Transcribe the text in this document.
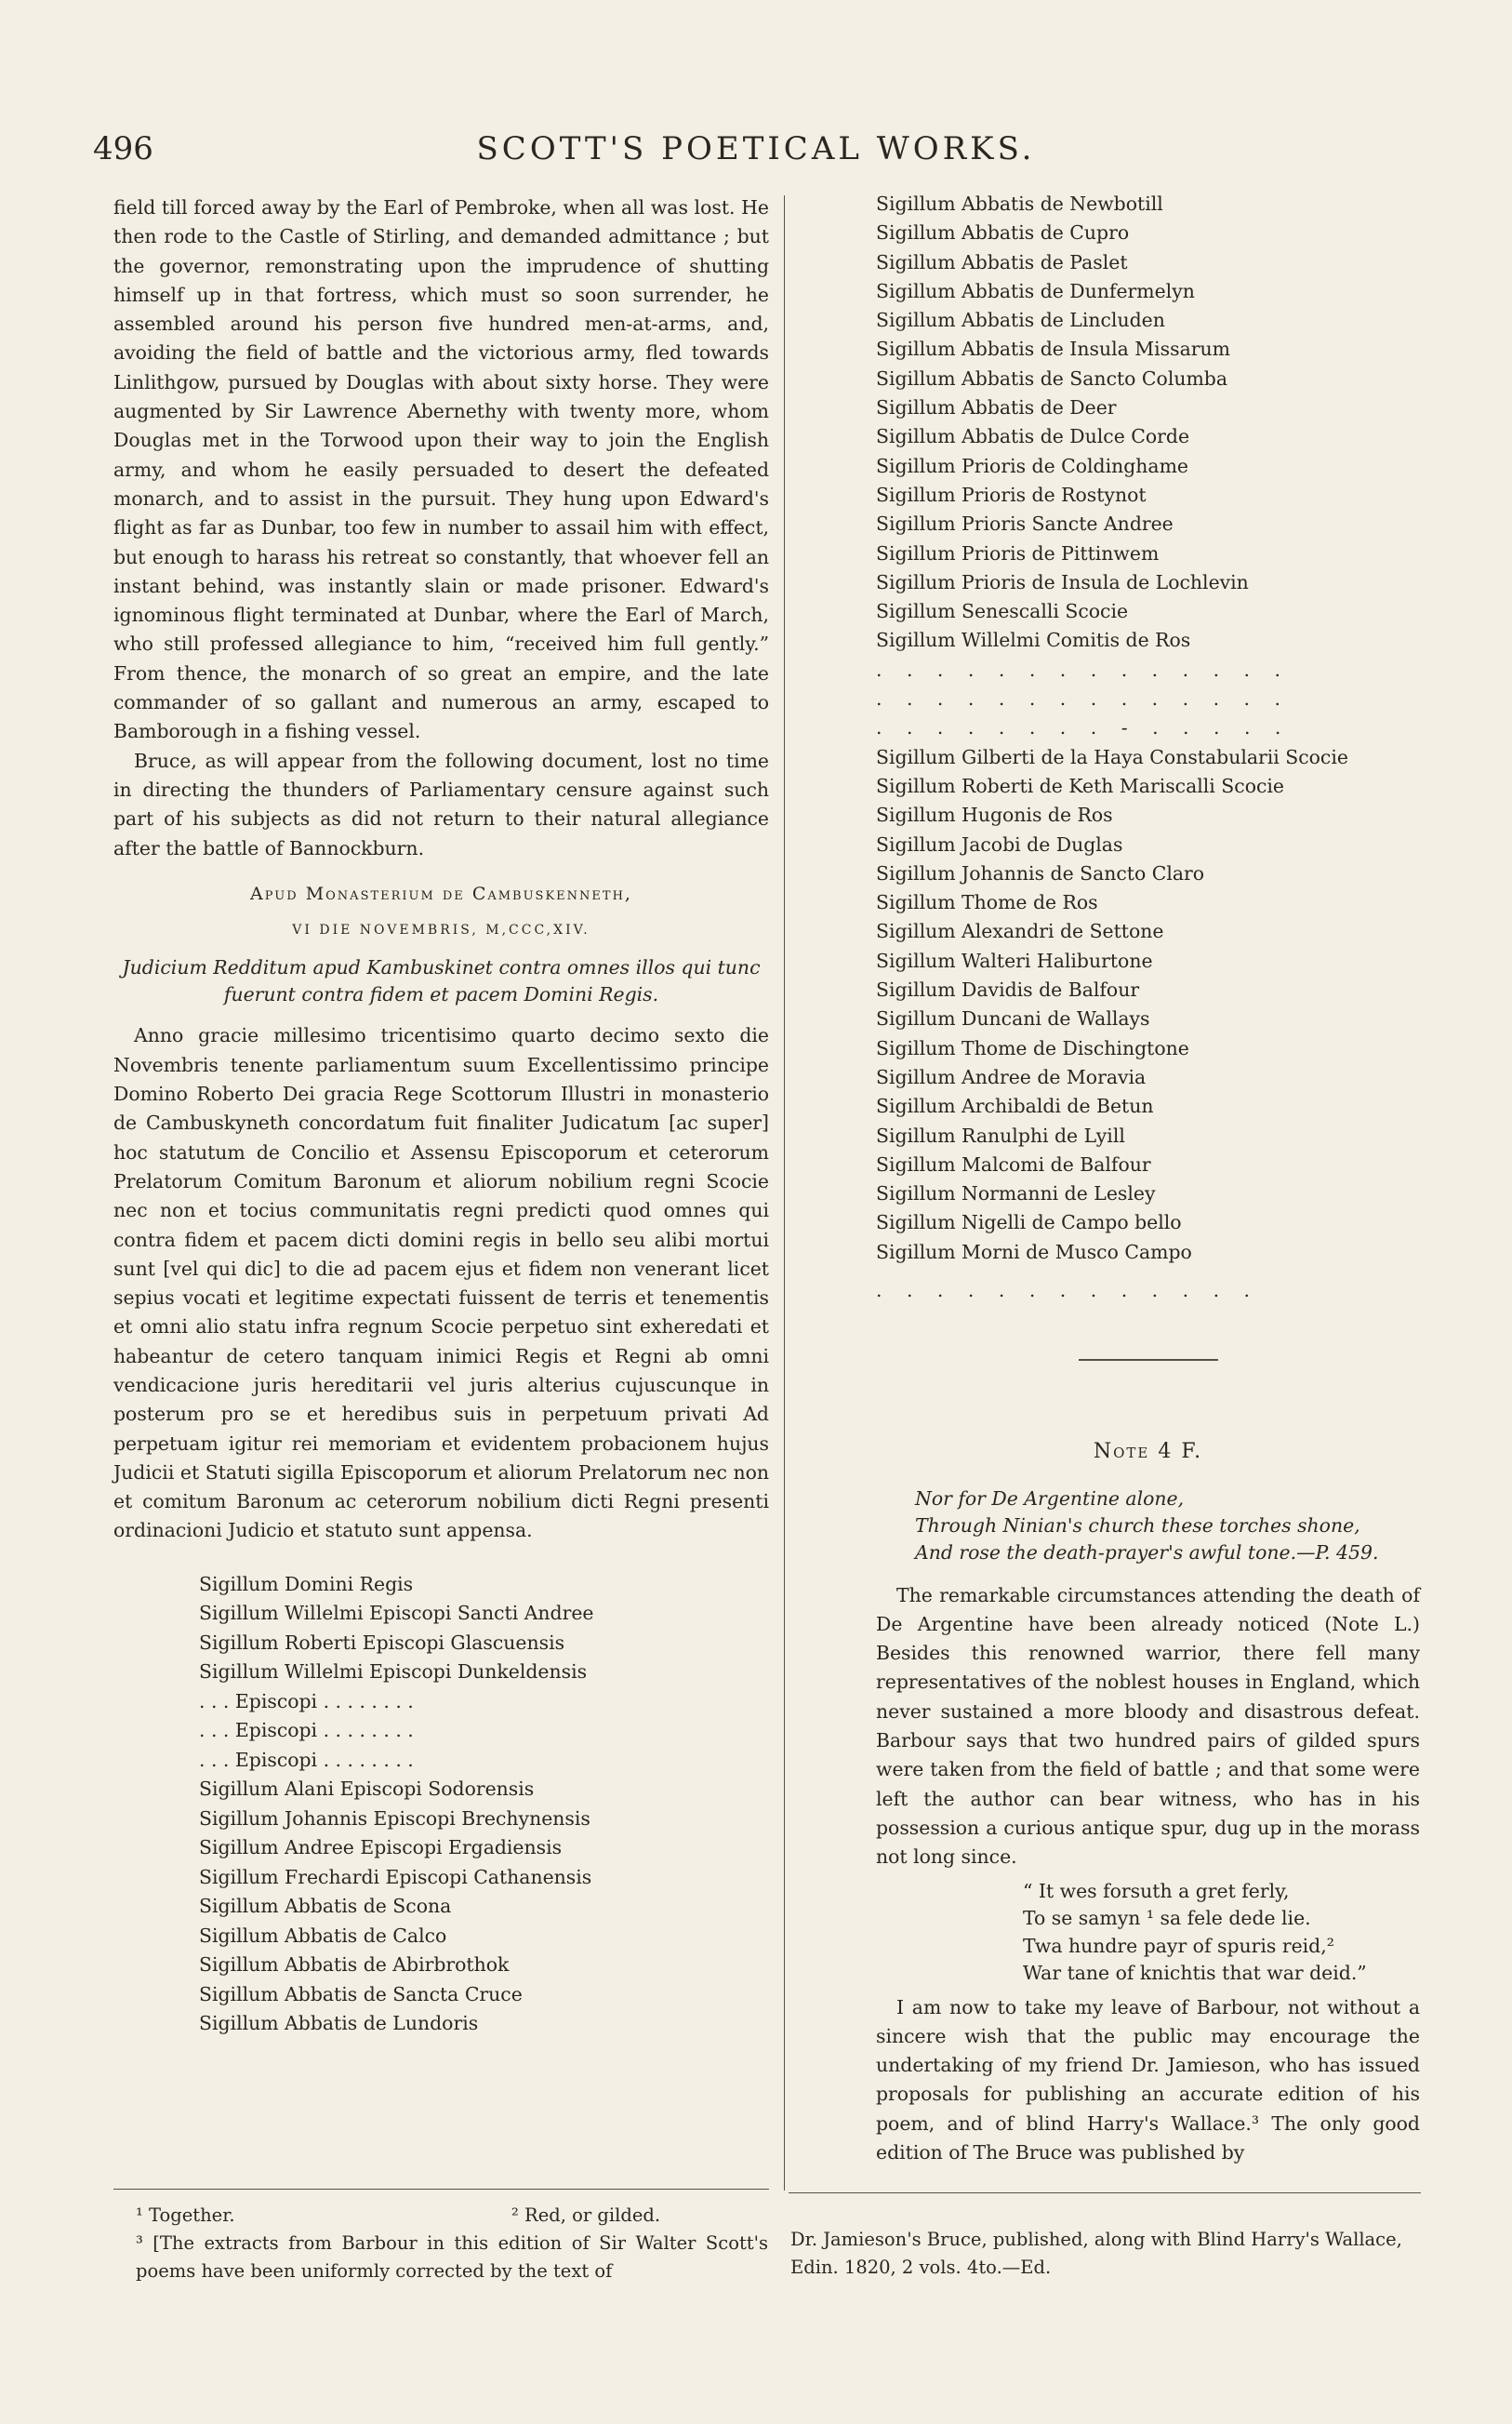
496	SCOTT'S POETICAL WORKS.

field till forced away by the Earl of Pembroke, when all was lost. He then rode to the Castle of Stirling, and demanded admittance ; but the governor, remonstrating upon the imprudence of shutting himself up in that fortress, which must so soon surrender, he assembled around his person five hundred men-at-arms, and, avoiding the field of battle and the victorious army, fled towards Linlithgow, pursued by Douglas with about sixty horse. They were augmented by Sir Lawrence Abernethy with twenty more, whom Douglas met in the Torwood upon their way to join the English army, and whom he easily persuaded to desert the defeated monarch, and to assist in the pursuit. They hung upon Edward's flight as far as Dunbar, too few in number to assail him with effect, but enough to harass his retreat so constantly, that whoever fell an instant behind, was instantly slain or made prisoner. Edward's ignominous flight terminated at Dunbar, where the Earl of March, who still professed allegiance to him, “received him full gently.” From thence, the monarch of so great an empire, and the late commander of so gallant and numerous an army, escaped to Bamborough in a fishing vessel.

Bruce, as will appear from the following document, lost no time in directing the thunders of Parliamentary censure against such part of his subjects as did not return to their natural allegiance after the battle of Bannockburn.

Apud Monasterium de Cambuskenneth,
VI DIE NOVEMBRIS, M,CCC,XIV.

Judicium Redditum apud Kambuskinet contra omnes illos qui tunc fuerunt contra fidem et pacem Domini Regis.

Anno gracie millesimo tricentisimo quarto decimo sexto die Novembris tenente parliamentum suum Excellentissimo principe Domino Roberto Dei gracia Rege Scottorum Illustri in monasterio de Cambuskyneth concordatum fuit finaliter Judicatum [ac super] hoc statutum de Concilio et Assensu Episcoporum et ceterorum Prelatorum Comitum Baronum et aliorum nobilium regni Scocie nec non et tocius communitatis regni predicti quod omnes qui contra fidem et pacem dicti domini regis in bello seu alibi mortui sunt [vel qui dic] to die ad pacem ejus et fidem non venerant licet sepius vocati et legitime expectati fuissent de terris et tenementis et omni alio statu infra regnum Scocie perpetuo sint exheredati et habeantur de cetero tanquam inimici Regis et Regni ab omni vendicacione juris hereditarii vel juris alterius cujuscunque in posterum pro se et heredibus suis in perpetuum privati Ad perpetuam igitur rei memoriam et evidentem probacionem hujus Judicii et Statuti sigilla Episcoporum et aliorum Prelatorum nec non et comitum Baronum ac ceterorum nobilium dicti Regni presenti ordinacioni Judicio et statuto sunt appensa.

Sigillum Domini Regis
Sigillum Willelmi Episcopi Sancti Andree
Sigillum Roberti Episcopi Glascuensis
Sigillum Willelmi Episcopi Dunkeldensis
. . . Episcopi . . . . . . . .
. . . Episcopi . . . . . . . .
. . . Episcopi . . . . . . . .
Sigillum Alani Episcopi Sodorensis
Sigillum Johannis Episcopi Brechynensis
Sigillum Andree Episcopi Ergadiensis
Sigillum Frechardi Episcopi Cathanensis
Sigillum Abbatis de Scona
Sigillum Abbatis de Calco
Sigillum Abbatis de Abirbrothok
Sigillum Abbatis de Sancta Cruce
Sigillum Abbatis de Lundoris
Sigillum Abbatis de Newbotill
Sigillum Abbatis de Cupro
Sigillum Abbatis de Paslet
Sigillum Abbatis de Dunfermelyn
Sigillum Abbatis de Lincluden
Sigillum Abbatis de Insula Missarum
Sigillum Abbatis de Sancto Columba
Sigillum Abbatis de Deer
Sigillum Abbatis de Dulce Corde
Sigillum Prioris de Coldinghame
Sigillum Prioris de Rostynot
Sigillum Prioris Sancte Andree
Sigillum Prioris de Pittinwem
Sigillum Prioris de Insula de Lochlevin
Sigillum Senescalli Scocie
Sigillum Willelmi Comitis de Ros
. . . . . . . . . . . . . .
. . . . . . . . . . . . . .
. . . . . . . . - . . . . .
Sigillum Gilberti de la Haya Constabularii Scocie
Sigillum Roberti de Keth Mariscalli Scocie
Sigillum Hugonis de Ros
Sigillum Jacobi de Duglas
Sigillum Johannis de Sancto Claro
Sigillum Thome de Ros
Sigillum Alexandri de Settone
Sigillum Walteri Haliburtone
Sigillum Davidis de Balfour
Sigillum Duncani de Wallays
Sigillum Thome de Dischingtone
Sigillum Andree de Moravia
Sigillum Archibaldi de Betun
Sigillum Ranulphi de Lyill
Sigillum Malcomi de Balfour
Sigillum Normanni de Lesley
Sigillum Nigelli de Campo bello
Sigillum Morni de Musco Campo
. . . . . . . . . . . . .
Note 4 F.
Nor for De Argentine alone,
Through Ninian's church these torches shone,
And rose the death-prayer's awful tone.—P. 459.

The remarkable circumstances attending the death of De Argentine have been already noticed (Note L.) Besides this renowned warrior, there fell many representatives of the noblest houses in England, which never sustained a more bloody and disastrous defeat. Barbour says that two hundred pairs of gilded spurs were taken from the field of battle ; and that some were left the author can bear witness, who has in his possession a curious antique spur, dug up in the morass not long since.

“ It wes forsuth a gret ferly,
To se samyn ¹ sa fele dede lie.
Twa hundre payr of spuris reid,²
War tane of knichtis that war deid.”

I am now to take my leave of Barbour, not without a sincere wish that the public may encourage the undertaking of my friend Dr. Jamieson, who has issued proposals for publishing an accurate edition of his poem, and of blind Harry's Wallace.³ The only good edition of The Bruce was published by

¹ Together.	² Red, or gilded.
³ [The extracts from Barbour in this edition of Sir Walter Scott's poems have been uniformly corrected by the text of
Dr. Jamieson's Bruce, published, along with Blind Harry's Wallace, Edin. 1820, 2 vols. 4to.—Ed.
